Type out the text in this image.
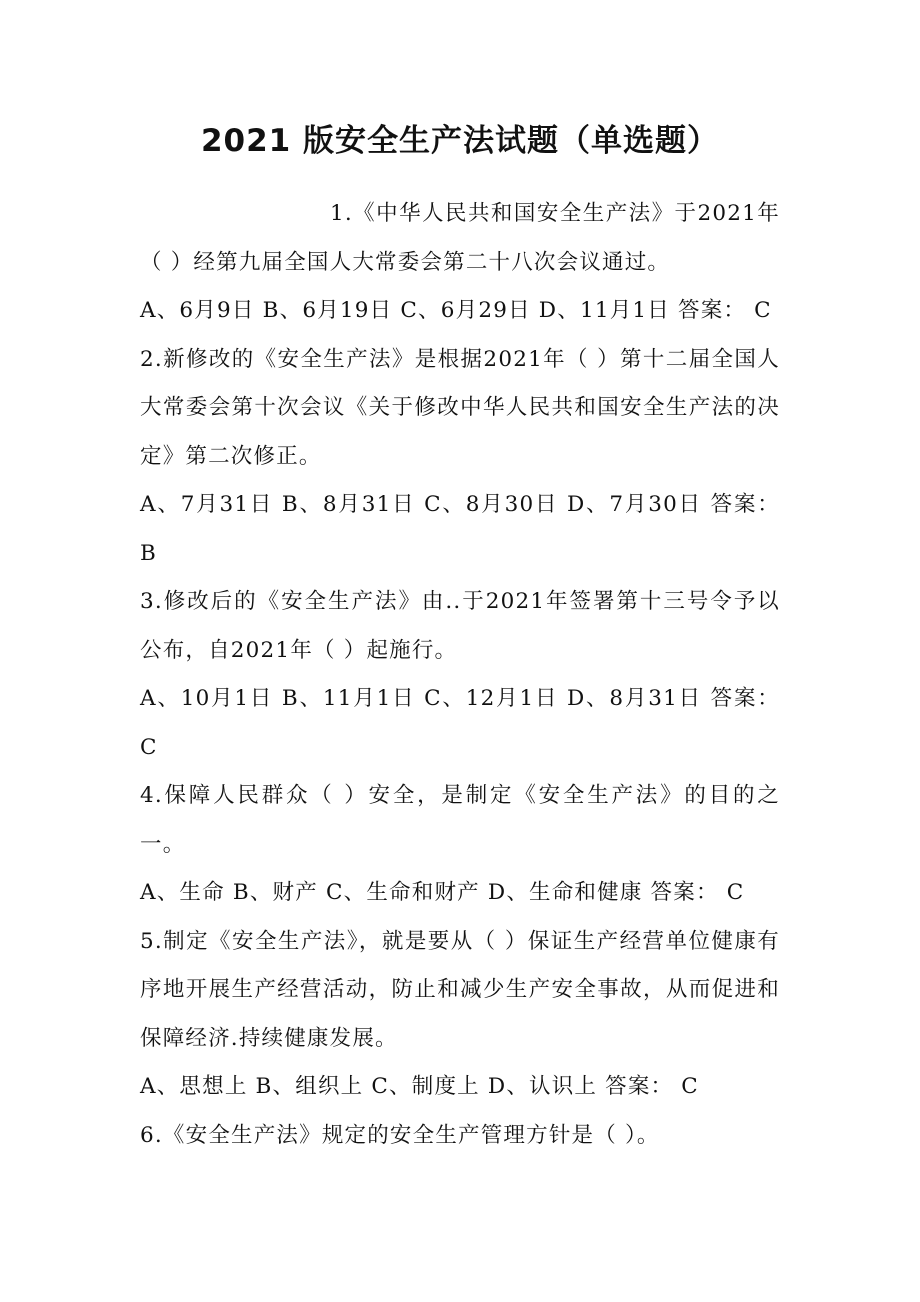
2021 版安全生产法试题（单选题）

1.《中华人民共和国安全生产法》于2021年（ ）经第九届全国人大常委会第二十八次会议通过。

A、6月9日 B、6月19日 C、6月29日 D、11月1日 答案： C

2.新修改的《安全生产法》是根据2021年（ ）第十二届全国人大常委会第十次会议《关于修改中华人民共和国安全生产法的决定》第二次修正。

A、7月31日 B、8月31日 C、8月30日 D、7月30日 答案： B

3.修改后的《安全生产法》由..于2021年签署第十三号令予以公布，自2021年（ ）起施行。

A、10月1日 B、11月1日 C、12月1日 D、8月31日 答案： C

4.保障人民群众（ ）安全，是制定《安全生产法》的目的之一。

A、生命 B、财产 C、生命和财产 D、生命和健康 答案： C

5.制定《安全生产法》，就是要从（ ）保证生产经营单位健康有序地开展生产经营活动，防止和减少生产安全事故，从而促进和保障经济.持续健康发展。

A、思想上 B、组织上 C、制度上 D、认识上 答案： C

6.《安全生产法》规定的安全生产管理方针是（ ）。
